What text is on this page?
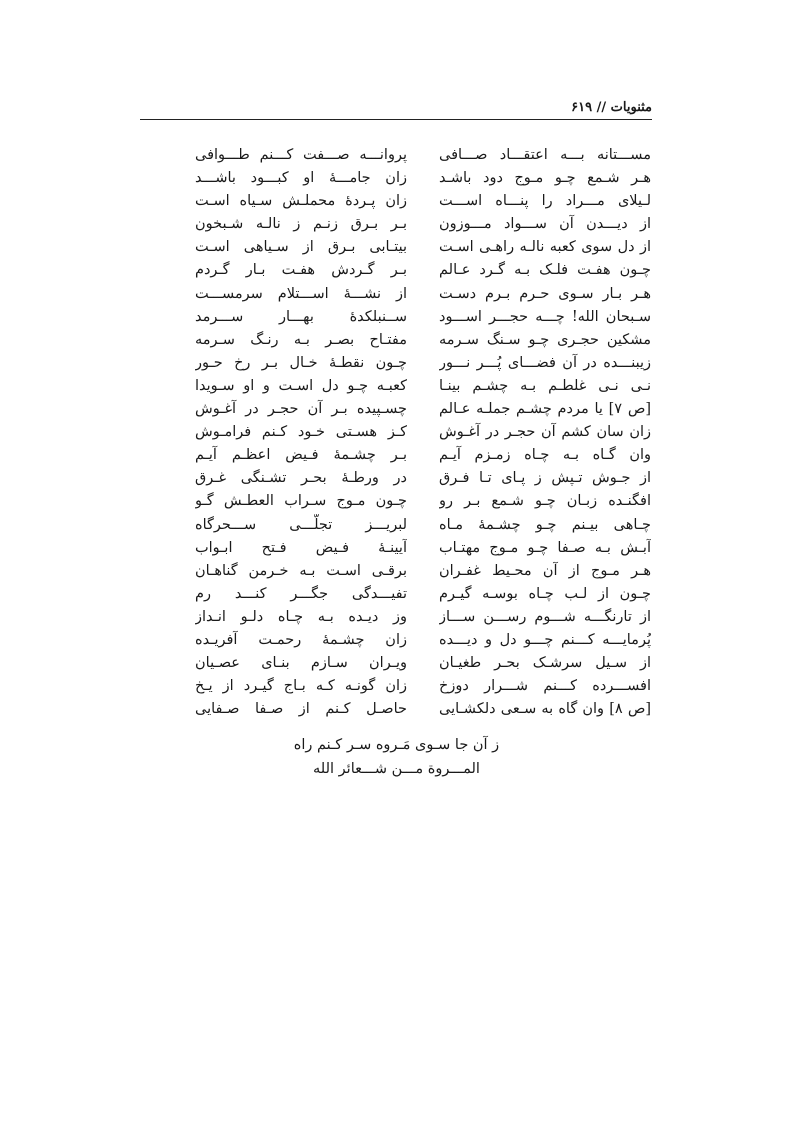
مثنویات // ۶۱۹
مســـتانه بـــه اعتقـــاد صـــافی
پروانـــه صـــفت کـــنم طـــوافی
هـر شـمع چـو مـوج دود باشـد
زان جامـــهٔ او کبـــود باشـــد
لـیلای مـــراد را پنـــاه اســـت
زان پـردهٔ محملـش سـیاه اسـت
از دیـــدن آن ســـواد مـــوزون
بـر بـرق زنـم ز نالـه شـبخون
از دل سوی کعبه نالـه راهـی اسـت
بیتـابی بـرق از سـیاهی اسـت
چـون هفـت فلـک بـه گـرد عـالم
بـر گـردش هفـت بـار گـردم
هـر بـار سـوی حـرم بـرم دسـت
از نشـــهٔ اســـتلام سرمســـت
سـبحان الله! چـــه حجـــر اســـود
ســنبلکدهٔ بهـــار ســـرمد
مشکین حجـری چـو سـنگ سـرمه
مفتـاح بصـر بـه رنـگ سـرمه
زیبنـــده در آن فضـــای پُـــر نـــور
چـون نقطـهٔ خـال بـر رخ حـور
نـی نـی غلطـم بـه چشـم بینـا
کعبـه چـو دل اسـت و او سـویدا
[ص ۷] یا مردم چشـم جملـه عـالم
چسـپیده بـر آن حجـر در آغـوش
زان سان کشم آن حجـر در آغـوش
کـز هسـتی خـود کـنم فرامـوش
وان گـاه بـه چـاه زمـزم آیـم
بـر چشـمهٔ فـیض اعظـم آیـم
از جـوش تـپش ز پـای تـا فـرق
در ورطـهٔ بحـر تشـنگی غـرق
افگنـده زبـان چـو شـمع بـر رو
چـون مـوج سـراب العطـش گـو
چـاهی بیـنم چـو چشـمهٔ مـاه
لبریـــز تجلّـــی ســـحرگاه
آبـش بـه صـفا چـو مـوج مهتـاب
آیینـهٔ فـیض فـتح ابـواب
هـر مـوج از آن محـیط غفـران
برقـی اسـت بـه خـرمن گناهـان
چـون از لـب چـاه بوسـه گیـرم
تفیـــدگی جگـــر کنـــد رم
از تارنگـــه شـــوم رســـن ســـاز
وز دیـده بـه چـاه دلـو انـداز
پُرمایـــه کـــنم چـــو دل و دیـــده
زان چشـمهٔ رحمـت آفریـده
از سـیل سرشـک بحـر طغیـان
ویـران سـازم بنـای عصـیان
افســـرده کـــنم شـــرار دوزخ
زان گونـه کـه بـاج گیـرد از یـخ
[ص ۸] وان گاه به سـعی دلکشـایی
حاصـل کـنم از صـفا صـفایی
ز آن جا سـوی مَـروه سـر کـنم راه
المـــروة مـــن شـــعائر الله
